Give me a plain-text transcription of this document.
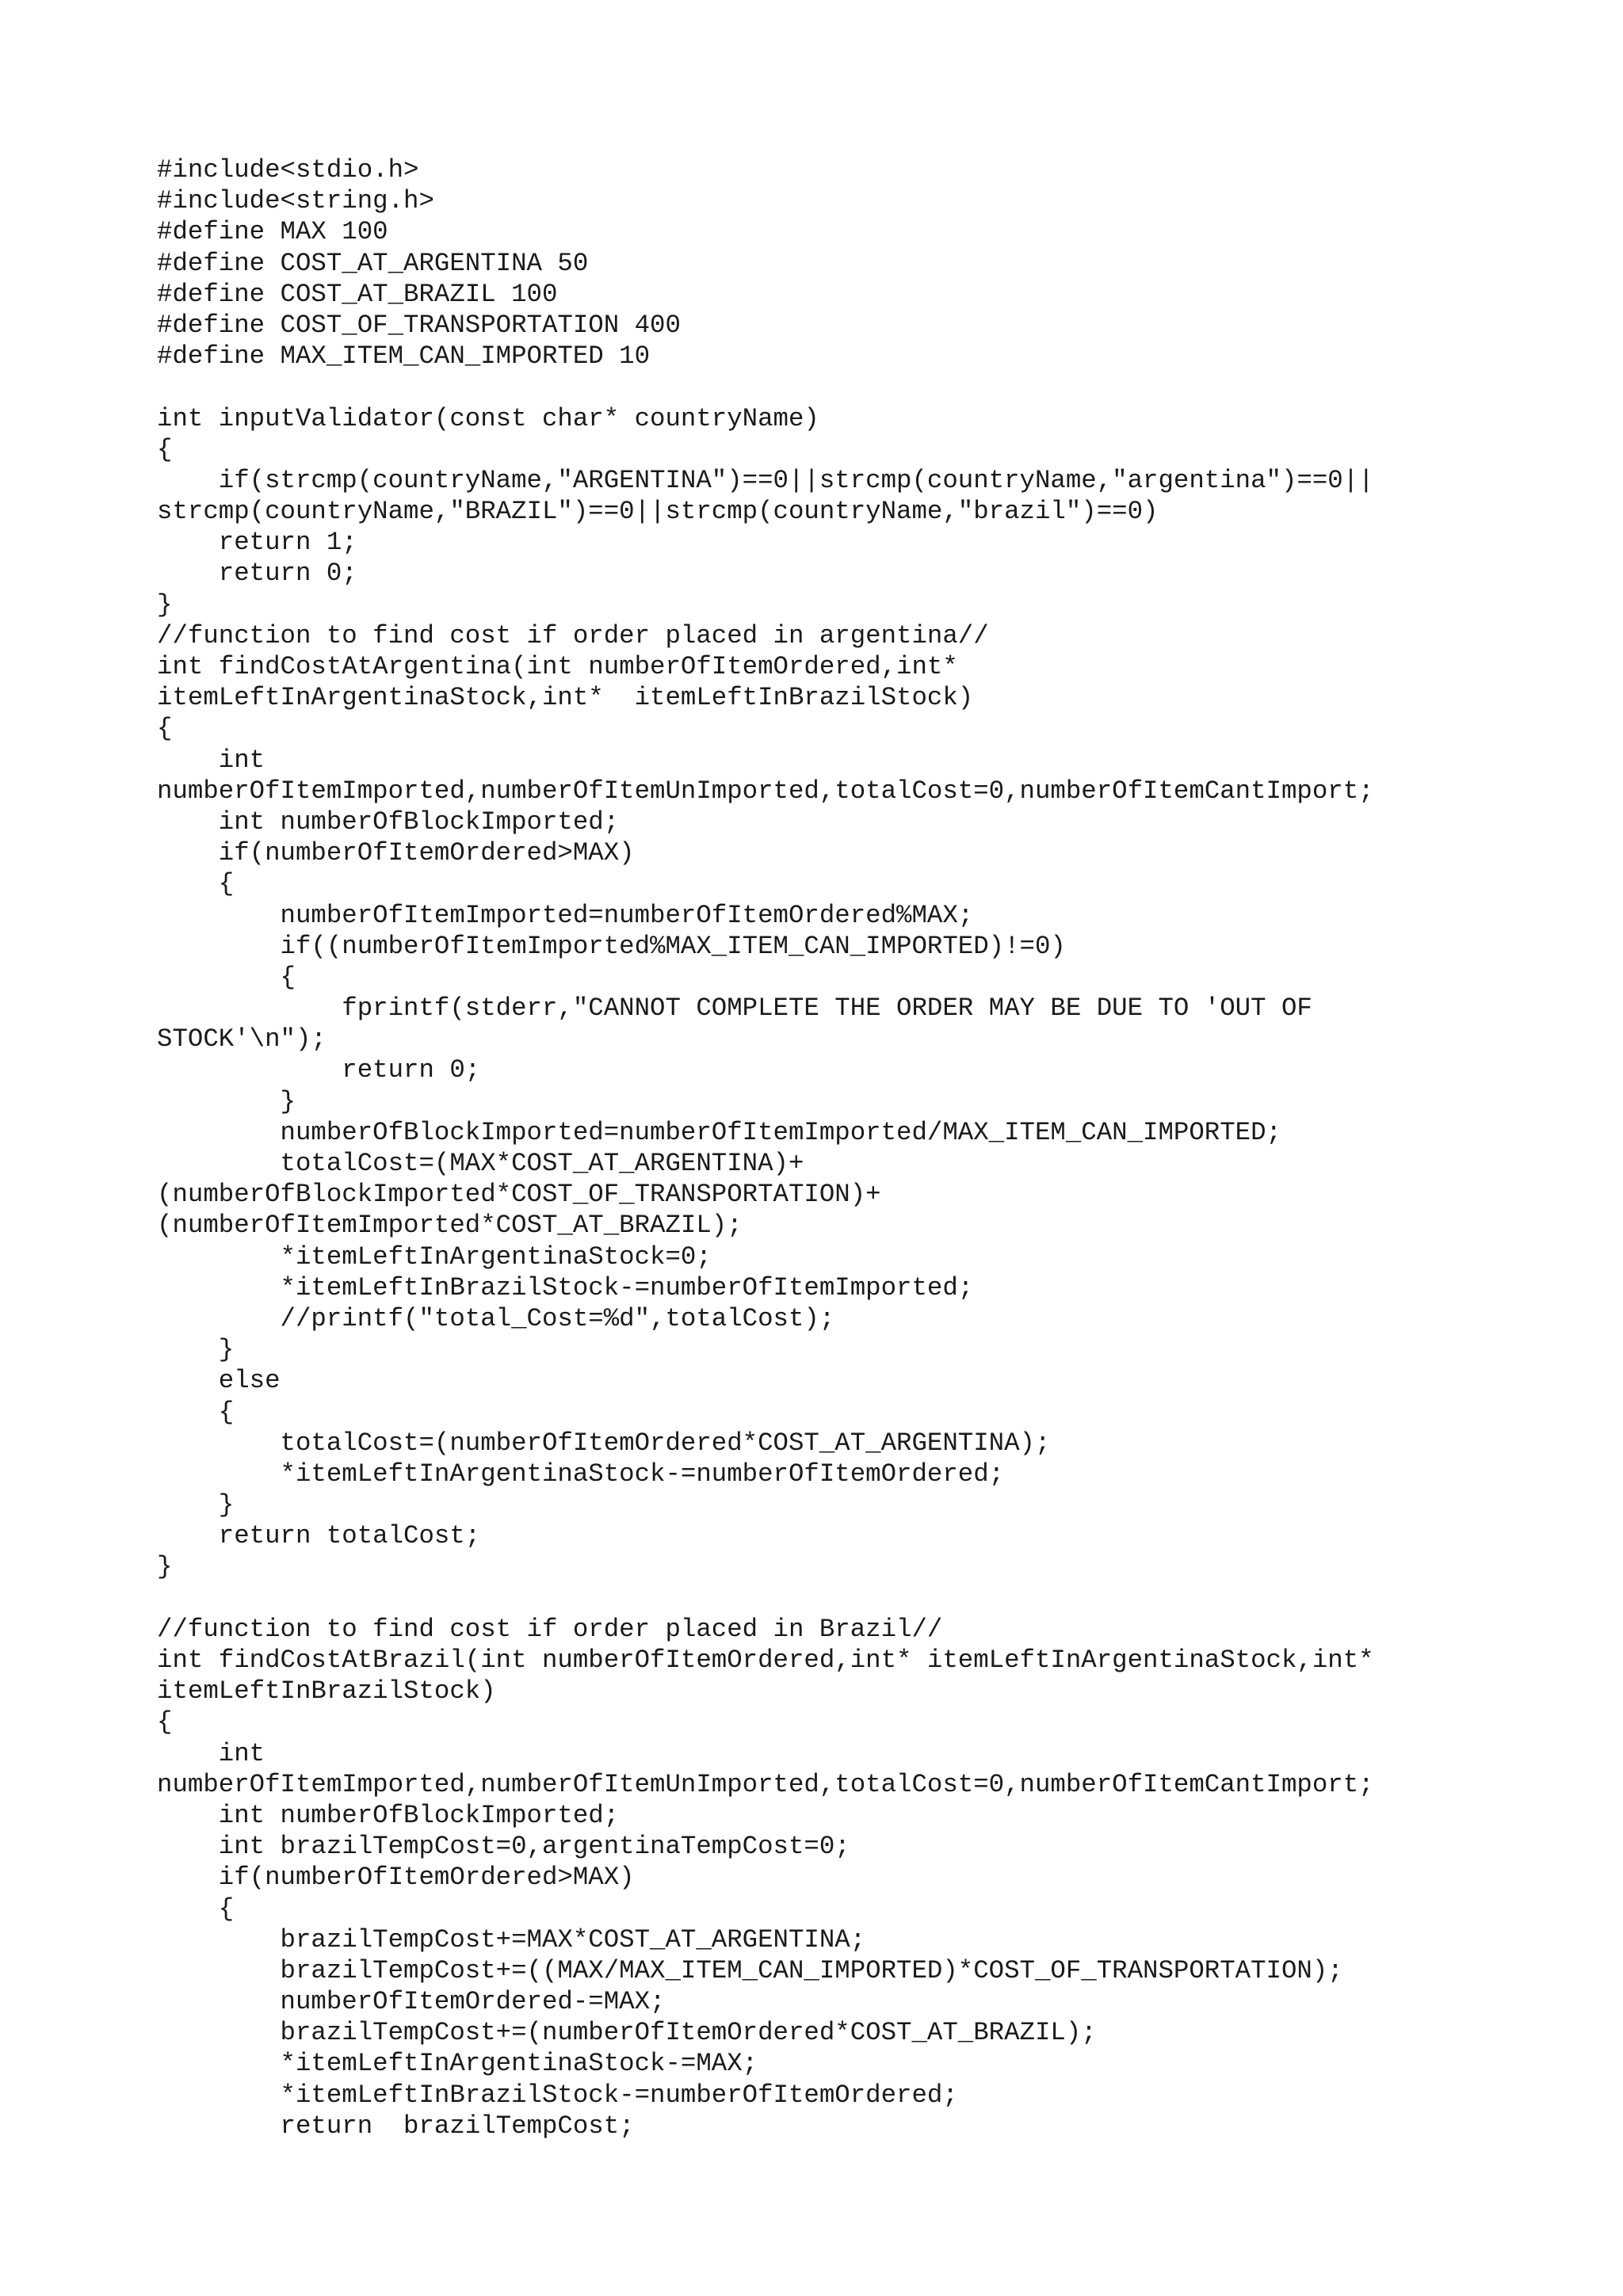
#include<stdio.h>
#include<string.h>
#define MAX 100
#define COST_AT_ARGENTINA 50
#define COST_AT_BRAZIL 100
#define COST_OF_TRANSPORTATION 400
#define MAX_ITEM_CAN_IMPORTED 10
int inputValidator(const char* countryName)
{
if(strcmp(countryName,"ARGENTINA")==0||strcmp(countryName,"argentina")==0||
strcmp(countryName,"BRAZIL")==0||strcmp(countryName,"brazil")==0)
return 1;
return 0;
}
//function to find cost if order placed in argentina//
int findCostAtArgentina(int numberOfItemOrdered,int*
itemLeftInArgentinaStock,int*  itemLeftInBrazilStock)
{
int
numberOfItemImported,numberOfItemUnImported,totalCost=0,numberOfItemCantImport;
int numberOfBlockImported;
if(numberOfItemOrdered>MAX)
{
numberOfItemImported=numberOfItemOrdered%MAX;
if((numberOfItemImported%MAX_ITEM_CAN_IMPORTED)!=0)
{
fprintf(stderr,"CANNOT COMPLETE THE ORDER MAY BE DUE TO 'OUT OF
STOCK'\n");
return 0;
}
numberOfBlockImported=numberOfItemImported/MAX_ITEM_CAN_IMPORTED;
totalCost=(MAX*COST_AT_ARGENTINA)+
(numberOfBlockImported*COST_OF_TRANSPORTATION)+
(numberOfItemImported*COST_AT_BRAZIL);
*itemLeftInArgentinaStock=0;
*itemLeftInBrazilStock-=numberOfItemImported;
//printf("total_Cost=%d",totalCost);
}
else
{
totalCost=(numberOfItemOrdered*COST_AT_ARGENTINA);
*itemLeftInArgentinaStock-=numberOfItemOrdered;
}
return totalCost;
}
//function to find cost if order placed in Brazil//
int findCostAtBrazil(int numberOfItemOrdered,int* itemLeftInArgentinaStock,int*
itemLeftInBrazilStock)
{
int
numberOfItemImported,numberOfItemUnImported,totalCost=0,numberOfItemCantImport;
int numberOfBlockImported;
int brazilTempCost=0,argentinaTempCost=0;
if(numberOfItemOrdered>MAX)
{
brazilTempCost+=MAX*COST_AT_ARGENTINA;
brazilTempCost+=((MAX/MAX_ITEM_CAN_IMPORTED)*COST_OF_TRANSPORTATION);
numberOfItemOrdered-=MAX;
brazilTempCost+=(numberOfItemOrdered*COST_AT_BRAZIL);
*itemLeftInArgentinaStock-=MAX;
*itemLeftInBrazilStock-=numberOfItemOrdered;
return  brazilTempCost;
